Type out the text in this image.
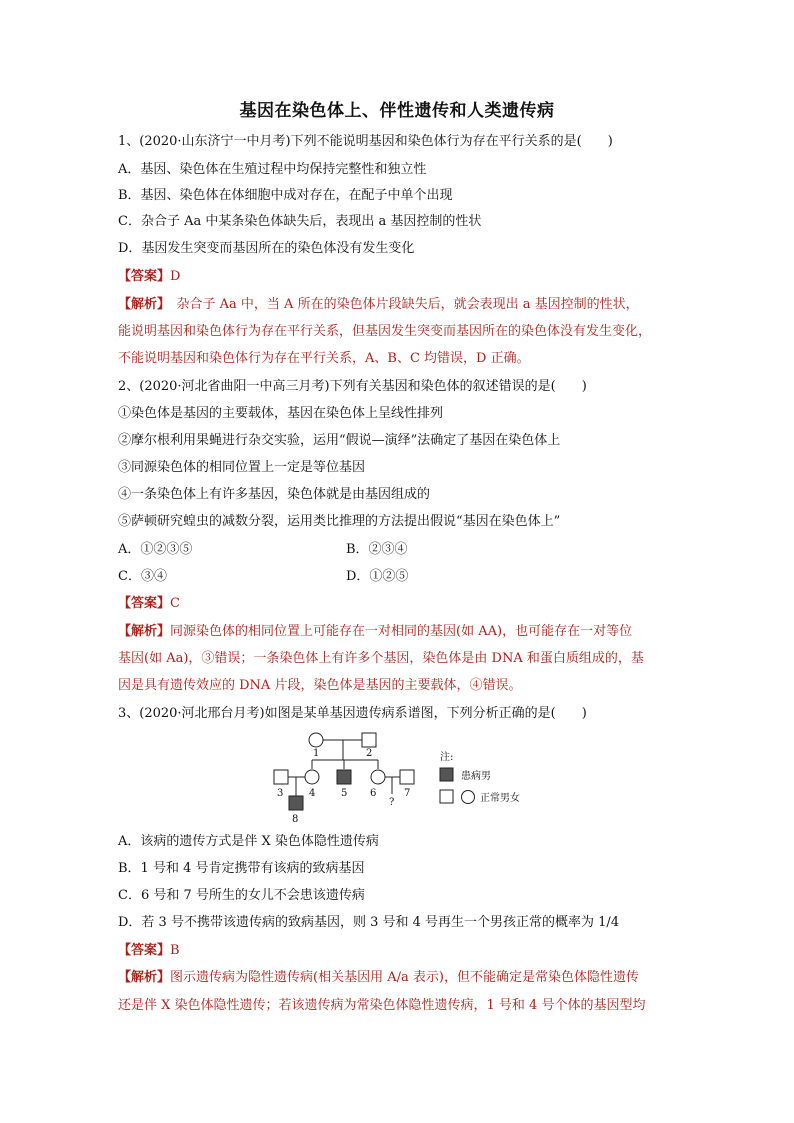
基因在染色体上、伴性遗传和人类遗传病
1、(2020·山东济宁一中月考)下列不能说明基因和染色体行为存在平行关系的是(　　)
A．基因、染色体在生殖过程中均保持完整性和独立性
B．基因、染色体在体细胞中成对存在，在配子中单个出现
C．杂合子 Aa 中某条染色体缺失后，表现出 a 基因控制的性状
D．基因发生突变而基因所在的染色体没有发生变化
【答案】D
【解析】　杂合子 Aa 中，当 A 所在的染色体片段缺失后，就会表现出 a 基因控制的性状，
能说明基因和染色体行为存在平行关系，但基因发生突变而基因所在的染色体没有发生变化，
不能说明基因和染色体行为存在平行关系，A、B、C 均错误，D 正确。
2、(2020·河北省曲阳一中高三月考)下列有关基因和染色体的叙述错误的是(　　)
①染色体是基因的主要载体，基因在染色体上呈线性排列
②摩尔根利用果蝇进行杂交实验，运用“假说—演绎”法确定了基因在染色体上
③同源染色体的相同位置上一定是等位基因
④一条染色体上有许多基因，染色体就是由基因组成的
⑤萨顿研究蝗虫的减数分裂，运用类比推理的方法提出假说“基因在染色体上”
A．①②③⑤	B．②③④
C．③④	D．①②⑤
【答案】C
【解析】同源染色体的相同位置上可能存在一对相同的基因(如 AA)，也可能存在一对等位
基因(如 Aa)，③错误；一条染色体上有许多个基因，染色体是由 DNA 和蛋白质组成的，基
因是具有遗传效应的 DNA 片段，染色体是基因的主要载体，④错误。
3、(2020·河北邢台月考)如图是某单基因遗传病系谱图，下列分析正确的是(　　)
1	2
3	4	5 6	7
8
?
注:
患病男
正常男女
A．该病的遗传方式是伴 X 染色体隐性遗传病
B．1 号和 4 号肯定携带有该病的致病基因
C．6 号和 7 号所生的女儿不会患该遗传病
D．若 3 号不携带该遗传病的致病基因，则 3 号和 4 号再生一个男孩正常的概率为 1/4
【答案】B
【解析】图示遗传病为隐性遗传病(相关基因用 A/a 表示)，但不能确定是常染色体隐性遗传
还是伴 X 染色体隐性遗传；若该遗传病为常染色体隐性遗传病，1 号和 4 号个体的基因型均
